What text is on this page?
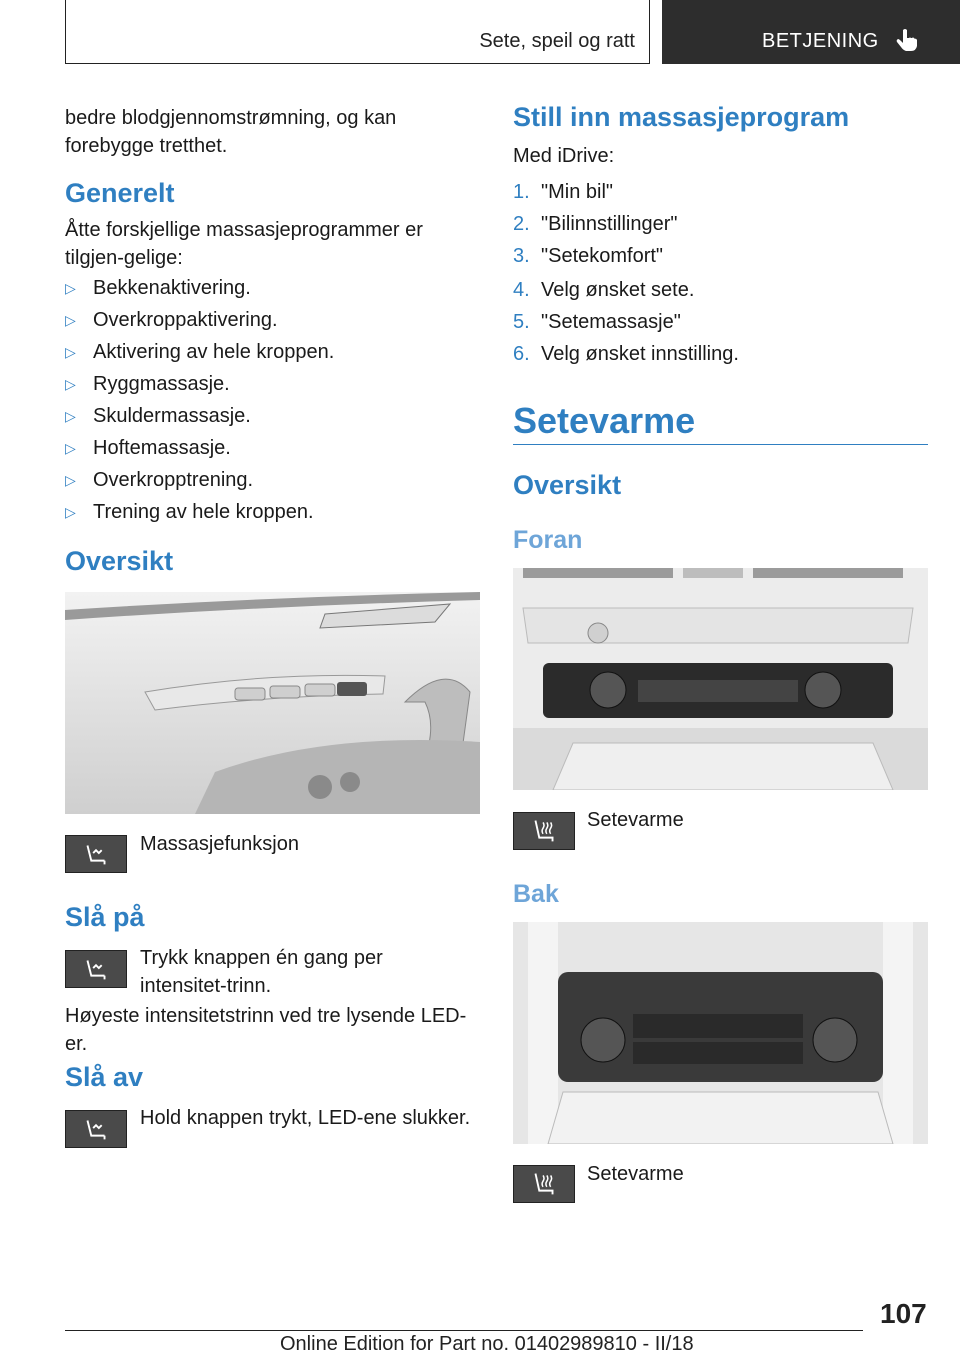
Sete, speil og ratt	BETJENING
bedre blodgjennomstrømning, og kan forebygge tretthet.
Generelt
Åtte forskjellige massasjeprogrammer er tilgjen-gelige:
▷ Bekkenaktivering.
▷ Overkroppaktivering.
▷ Aktivering av hele kroppen.
▷ Ryggmassasje.
▷ Skuldermassasje.
▷ Hoftemassasje.
▷ Overkropptrening.
▷ Trening av hele kroppen.
Oversikt
Massasjefunksjon
Slå på
Trykk knappen én gang per intensitet-trinn.
Høyeste intensitetstrinn ved tre lysende LED-er.
Slå av
Hold knappen trykt, LED-ene slukker.
Still inn massasjeprogram
Med iDrive:
1. "Min bil"
2. "Bilinnstillinger"
3. "Setekomfort"
4. Velg ønsket sete.
5. "Setemassasje"
6. Velg ønsket innstilling.
Setevarme
Oversikt
Foran
Setevarme
Bak
Setevarme
107
Online Edition for Part no. 01402989810 - II/18
